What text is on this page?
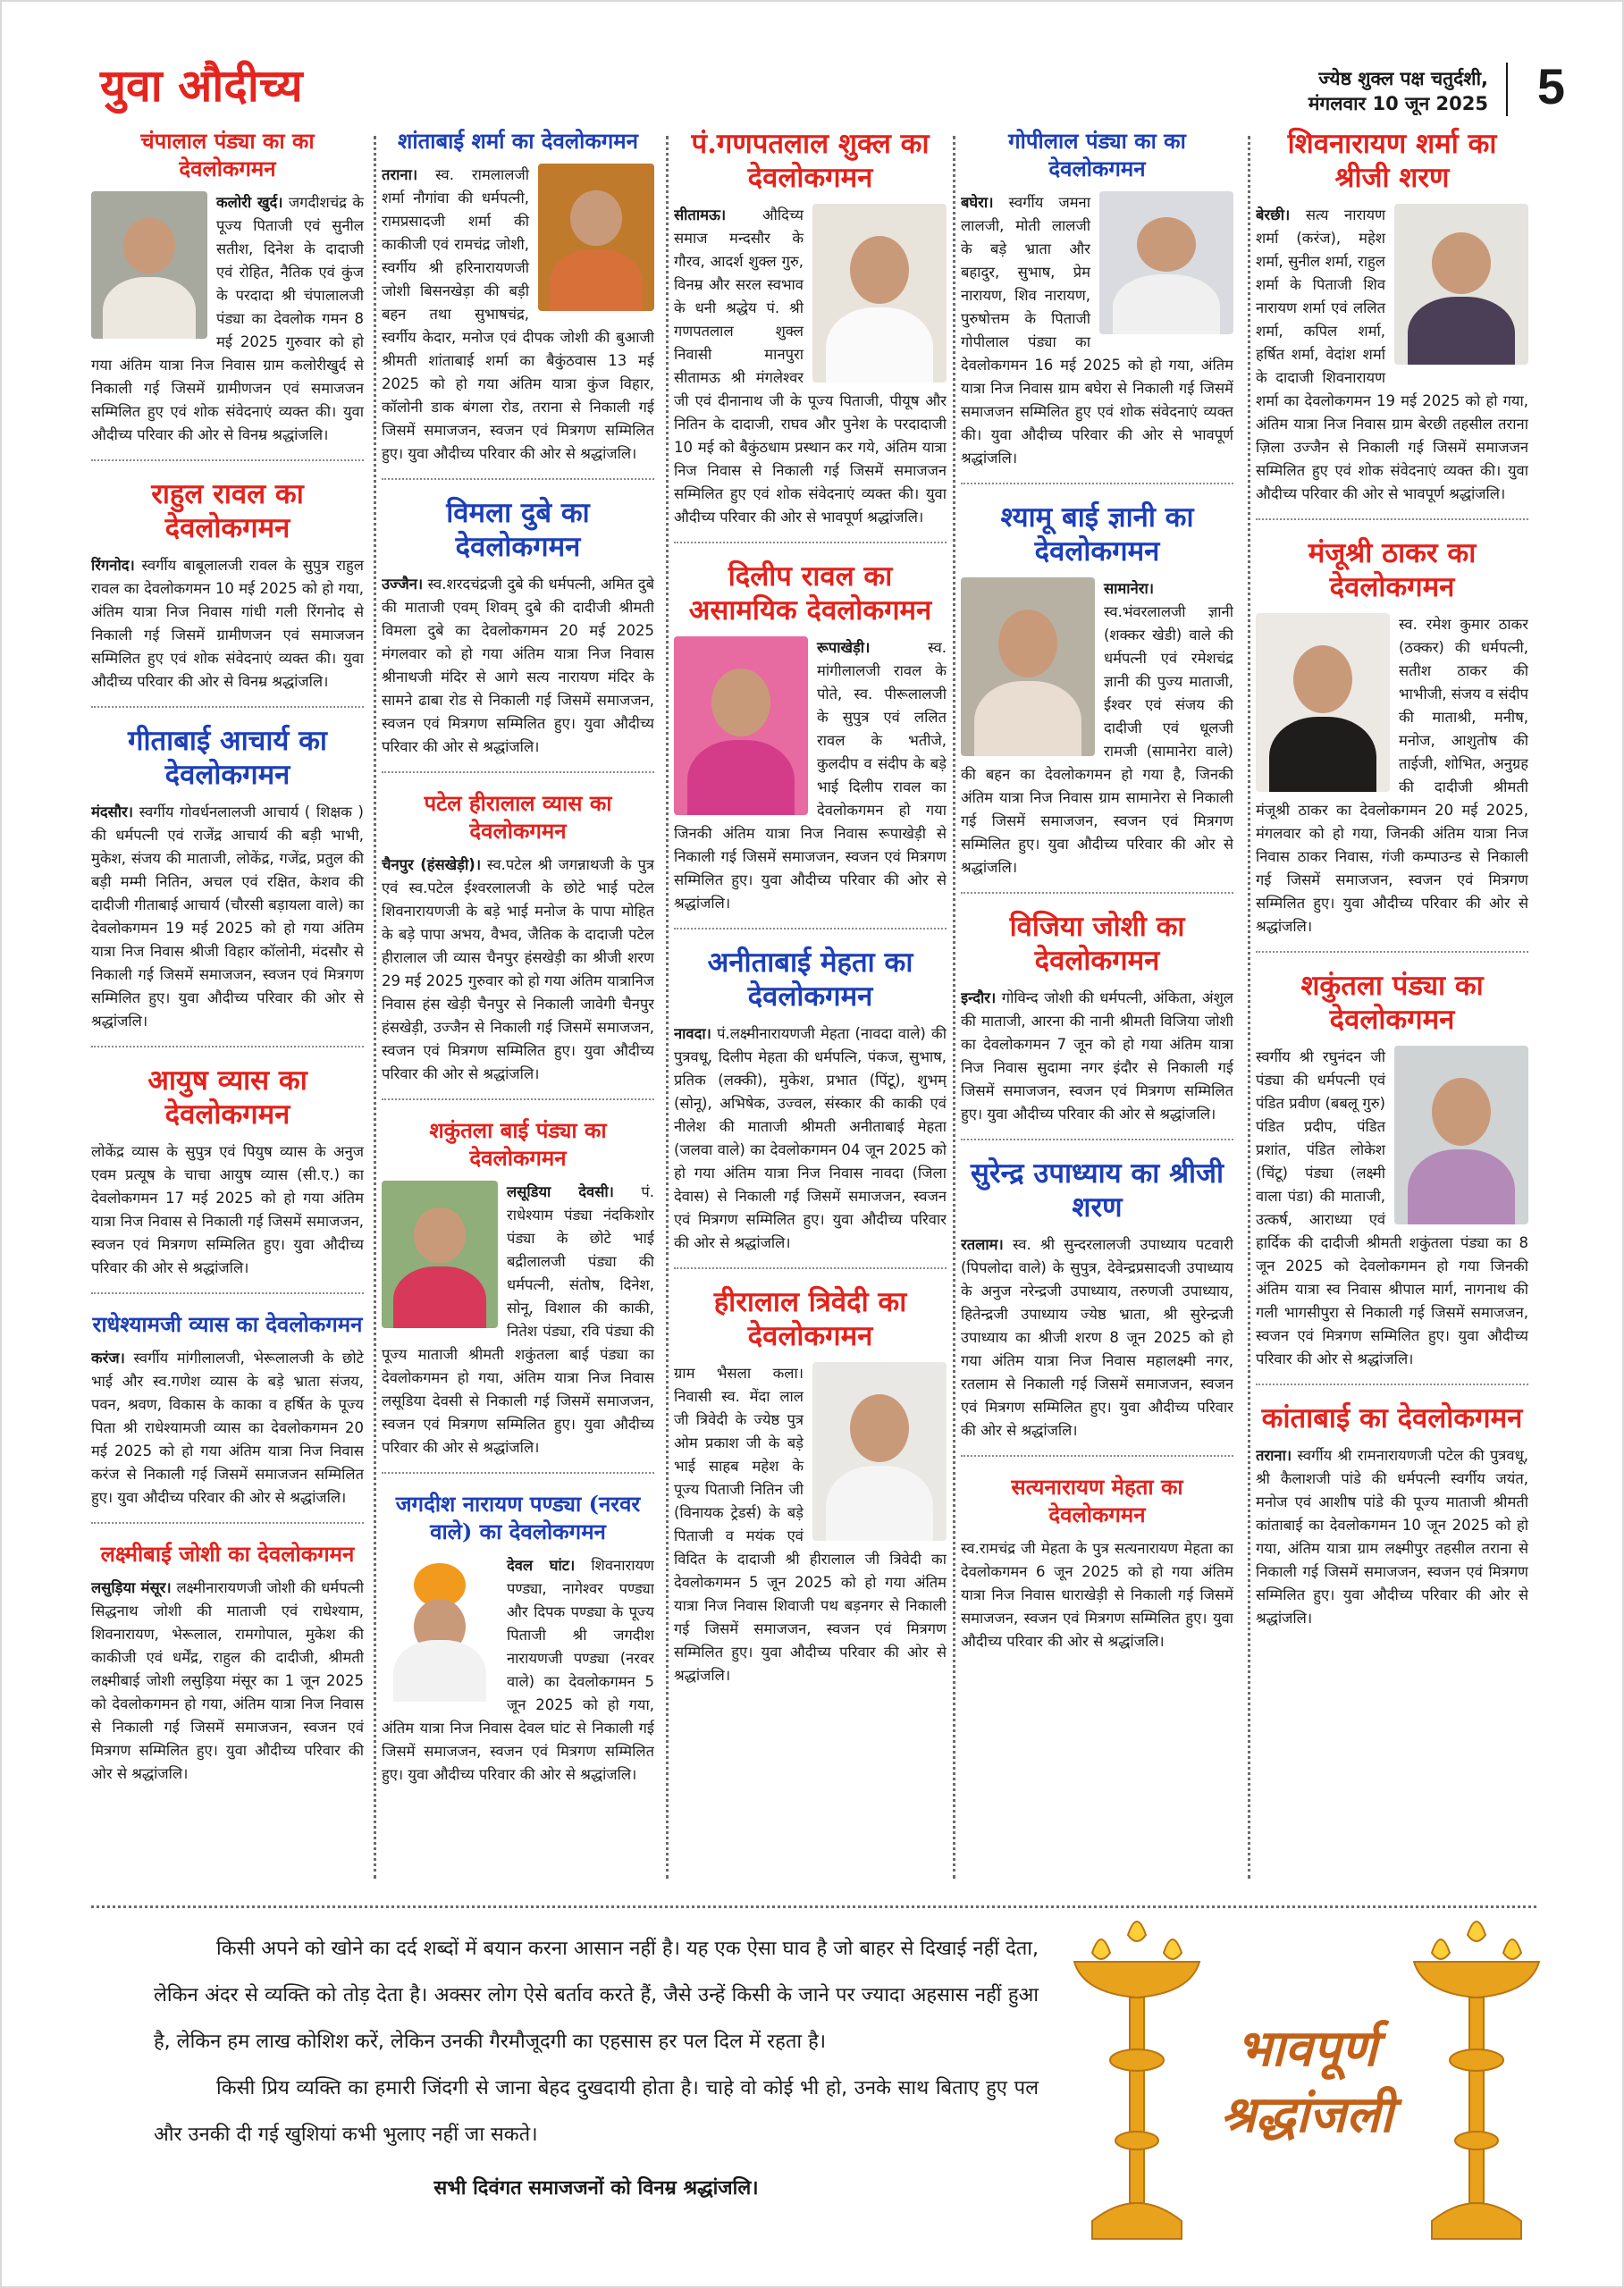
युवा औदीच्य	ज्येष्ठ शुक्ल पक्ष चतुर्दशी,
मंगलवार 10 जून 2025 5
चंपालाल पंड्या का का देवलोकगमन
कलोरी खुर्द। जगदीशचंद्र के पूज्य पिताजी एवं सुनील सतीश, दिनेश के दादाजी एवं रोहित, नैतिक एवं कुंज के परदादा श्री चंपालालजी पंड्या का देवलोक गमन 8 मई 2025 गुरुवार को हो गया अंतिम यात्रा निज निवास ग्राम कलोरीखुर्द से निकाली गई जिसमें ग्रामीणजन एवं समाजजन सम्मिलित हुए एवं शोक संवेदनाएं व्यक्त की। युवा औदीच्य परिवार की ओर से विनम्र श्रद्धांजलि।
राहुल रावल का देवलोकगमन
रिंगनोद। स्वर्गीय बाबूलालजी रावल के सुपुत्र राहुल रावल का देवलोकगमन 10 मई 2025 को हो गया, अंतिम यात्रा निज निवास गांधी गली रिंगनोद से निकाली गई जिसमें ग्रामीणजन एवं समाजजन सम्मिलित हुए एवं शोक संवेदनाएं व्यक्त की। युवा औदीच्य परिवार की ओर से विनम्र श्रद्धांजलि।
गीताबाई आचार्य का देवलोकगमन
मंदसौर। स्वर्गीय गोवर्धनलालजी आचार्य ( शिक्षक ) की धर्मपत्नी एवं राजेंद्र आचार्य की बड़ी भाभी, मुकेश, संजय की माताजी, लोकेंद्र, गजेंद्र, प्रतुल की बड़ी मम्मी नितिन, अचल एवं रक्षित, केशव की दादीजी गीताबाई आचार्य (चौरसी बड़ायला वाले) का देवलोकगमन 19 मई 2025 को हो गया अंतिम यात्रा निज निवास श्रीजी विहार कॉलोनी, मंदसौर से निकाली गई जिसमें समाजजन, स्वजन एवं मित्रगण सम्मिलित हुए। युवा औदीच्य परिवार की ओर से श्रद्धांजलि।
आयुष व्यास का देवलोकगमन
लोकेंद्र व्यास के सुपुत्र एवं पियुष व्यास के अनुज एवम प्रत्यूष के चाचा आयुष व्यास (सी.ए.) का देवलोकगमन 17 मई 2025 को हो गया अंतिम यात्रा निज निवास से निकाली गई जिसमें समाजजन, स्वजन एवं मित्रगण सम्मिलित हुए। युवा औदीच्य परिवार की ओर से श्रद्धांजलि।
राधेश्यामजी व्यास का देवलोकगमन
करंज। स्वर्गीय मांगीलालजी, भेरूलालजी के छोटे भाई और स्व.गणेश व्यास के बड़े भ्राता संजय, पवन, श्रवण, विकास के काका व हर्षित के पूज्य पिता श्री राधेश्यामजी व्यास का देवलोकगमन 20 मई 2025 को हो गया अंतिम यात्रा निज निवास करंज से निकाली गई जिसमें समाजजन सम्मिलित हुए। युवा औदीच्य परिवार की ओर से श्रद्धांजलि।
लक्ष्मीबाई जोशी का देवलोकगमन
लसुड़िया मंसूर। लक्ष्मीनारायणजी जोशी की धर्मपत्नी सिद्धनाथ जोशी की माताजी एवं राधेश्याम, शिवनारायण, भेरूलाल, रामगोपाल, मुकेश की काकीजी एवं धर्मेंद्र, राहुल की दादीजी, श्रीमती लक्ष्मीबाई जोशी लसुड़िया मंसूर का 1 जून 2025 को देवलोकगमन हो गया, अंतिम यात्रा निज निवास से निकाली गई जिसमें समाजजन, स्वजन एवं मित्रगण सम्मिलित हुए। युवा औदीच्य परिवार की ओर से श्रद्धांजलि।
शांताबाई शर्मा का देवलोकगमन
तराना। स्व. रामलालजी शर्मा नौगांवा की धर्मपत्नी, रामप्रसादजी शर्मा की काकीजी एवं रामचंद्र जोशी, स्वर्गीय श्री हरिनारायणजी जोशी बिसनखेड़ा की बड़ी बहन तथा सुभाषचंद्र, स्वर्गीय केदार, मनोज एवं दीपक जोशी की बुआजी श्रीमती शांताबाई शर्मा का बैकुंठवास 13 मई 2025 को हो गया अंतिम यात्रा कुंज विहार, कॉलोनी डाक बंगला रोड, तराना से निकाली गई जिसमें समाजजन, स्वजन एवं मित्रगण सम्मिलित हुए। युवा औदीच्य परिवार की ओर से श्रद्धांजलि।
विमला दुबे का देवलोकगमन
उज्जैन। स्व.शरदचंद्रजी दुबे की धर्मपत्नी, अमित दुबे की माताजी एवम् शिवम् दुबे की दादीजी श्रीमती विमला दुबे का देवलोकगमन 20 मई 2025 मंगलवार को हो गया अंतिम यात्रा निज निवास श्रीनाथजी मंदिर से आगे सत्य नारायण मंदिर के सामने ढाबा रोड से निकाली गई जिसमें समाजजन, स्वजन एवं मित्रगण सम्मिलित हुए। युवा औदीच्य परिवार की ओर से श्रद्धांजलि।
पटेल हीरालाल व्यास का देवलोकगमन
चैनपुर (हंसखेड़ी)। स्व.पटेल श्री जगन्नाथजी के पुत्र एवं स्व.पटेल ईश्वरलालजी के छोटे भाई पटेल शिवनारायणजी के बड़े भाई मनोज के पापा मोहित के बड़े पापा अभय, वैभव, जैतिक के दादाजी पटेल हीरालाल जी व्यास चैनपुर हंसखेड़ी का श्रीजी शरण 29 मई 2025 गुरुवार को हो गया अंतिम यात्रानिज निवास हंस खेड़ी चैनपुर से निकाली जावेगी चैनपुर हंसखेड़ी, उज्जैन से निकाली गई जिसमें समाजजन, स्वजन एवं मित्रगण सम्मिलित हुए। युवा औदीच्य परिवार की ओर से श्रद्धांजलि।
शकुंतला बाई पंड्या का देवलोकगमन
लसूडिया देवसी। पं. राधेश्याम पंड्या नंदकिशोर पंड्या के छोटे भाई बद्रीलालजी पंड्या की धर्मपत्नी, संतोष, दिनेश, सोनू, विशाल की काकी, नितेश पंड्या, रवि पंड्या की पूज्य माताजी श्रीमती शकुंतला बाई पंड्या का देवलोकगमन हो गया, अंतिम यात्रा निज निवास लसूडिया देवसी से निकाली गई जिसमें समाजजन, स्वजन एवं मित्रगण सम्मिलित हुए। युवा औदीच्य परिवार की ओर से श्रद्धांजलि।
जगदीश नारायण पण्ड्या (नरवर वाले) का देवलोकगमन
देवल घांट। शिवनारायण पण्ड्या, नागेश्वर पण्ड्या और दिपक पण्ड्या के पूज्य पिताजी श्री जगदीश नारायणजी पण्ड्या (नरवर वाले) का देवलोकगमन 5 जून 2025 को हो गया, अंतिम यात्रा निज निवास देवल घांट से निकाली गई जिसमें समाजजन, स्वजन एवं मित्रगण सम्मिलित हुए। युवा औदीच्य परिवार की ओर से श्रद्धांजलि।
पं.गणपतलाल शुक्ल का देवलोकगमन
सीतामऊ। औदिच्य समाज मन्दसौर के गौरव, आदर्श शुक्ल गुरु, विनम्र और सरल स्वभाव के धनी श्रद्धेय पं. श्री गणपतलाल शुक्ल निवासी मानपुरा सीतामऊ श्री मंगलेश्वर जी एवं दीनानाथ जी के पूज्य पिताजी, पीयूष और नितिन के दादाजी, राघव और पुनेश के परदादाजी 10 मई को बैकुंठधाम प्रस्थान कर गये, अंतिम यात्रा निज निवास से निकाली गई जिसमें समाजजन सम्मिलित हुए एवं शोक संवेदनाएं व्यक्त की। युवा औदीच्य परिवार की ओर से भावपूर्ण श्रद्धांजलि।
दिलीप रावल का असामयिक देवलोकगमन
रूपाखेड़ी। स्व. मांगीलालजी रावल के पोते, स्व. पीरूलालजी के सुपुत्र एवं ललित रावल के भतीजे, कुलदीप व संदीप के बड़े भाई दिलीप रावल का देवलोकगमन हो गया जिनकी अंतिम यात्रा निज निवास रूपाखेड़ी से निकाली गई जिसमें समाजजन, स्वजन एवं मित्रगण सम्मिलित हुए। युवा औदीच्य परिवार की ओर से श्रद्धांजलि।
अनीताबाई मेहता का देवलोकगमन
नावदा। पं.लक्ष्मीनारायणजी मेहता (नावदा वाले) की पुत्रवधू, दिलीप मेहता की धर्मपत्नि, पंकज, सुभाष, प्रतिक (लक्की), मुकेश, प्रभात (पिंटू), शुभम् (सोनू), अभिषेक, उज्वल, संस्कार की काकी एवं नीलेश की माताजी श्रीमती अनीताबाई मेहता (जलवा वाले) का देवलोकगमन 04 जून 2025 को हो गया अंतिम यात्रा निज निवास नावदा (जिला देवास) से निकाली गई जिसमें समाजजन, स्वजन एवं मित्रगण सम्मिलित हुए। युवा औदीच्य परिवार की ओर से श्रद्धांजलि।
हीरालाल त्रिवेदी का देवलोकगमन
ग्राम भैसला कला। निवासी स्व. मेंदा लाल जी त्रिवेदी के ज्येष्ठ पुत्र ओम प्रकाश जी के बड़े भाई साहब महेश के पूज्य पिताजी नितिन जी (विनायक ट्रेडर्स) के बड़े पिताजी व मयंक एवं विदित के दादाजी श्री हीरालाल जी त्रिवेदी का देवलोकगमन 5 जून 2025 को हो गया अंतिम यात्रा निज निवास शिवाजी पथ बड़नगर से निकाली गई जिसमें समाजजन, स्वजन एवं मित्रगण सम्मिलित हुए। युवा औदीच्य परिवार की ओर से श्रद्धांजलि।
गोपीलाल पंड्या का का देवलोकगमन
बघेरा। स्वर्गीय जमना लालजी, मोती लालजी के बड़े भ्राता और बहादुर, सुभाष, प्रेम नारायण, शिव नारायण, पुरुषोत्तम के पिताजी गोपीलाल पंड्या का देवलोकगमन 16 मई 2025 को हो गया, अंतिम यात्रा निज निवास ग्राम बघेरा से निकाली गई जिसमें समाजजन सम्मिलित हुए एवं शोक संवेदनाएं व्यक्त की। युवा औदीच्य परिवार की ओर से भावपूर्ण श्रद्धांजलि।
श्यामू बाई ज्ञानी का देवलोकगमन
सामानेरा। स्व.भंवरलालजी ज्ञानी (शक्कर खेडी) वाले की धर्मपत्नी एवं रमेशचंद्र ज्ञानी की पुज्य माताजी, ईश्वर एवं संजय की दादीजी एवं धूलजी रामजी (सामानेरा वाले) की बहन का देवलोकगमन हो गया है, जिनकी अंतिम यात्रा निज निवास ग्राम सामानेरा से निकाली गई जिसमें समाजजन, स्वजन एवं मित्रगण सम्मिलित हुए। युवा औदीच्य परिवार की ओर से श्रद्धांजलि।
विजिया जोशी का देवलोकगमन
इन्दौर। गोविन्द जोशी की धर्मपत्नी, अंकिता, अंशुल की माताजी, आरना की नानी श्रीमती विजिया जोशी का देवलोकगमन 7 जून को हो गया अंतिम यात्रा निज निवास सुदामा नगर इंदौर से निकाली गई जिसमें समाजजन, स्वजन एवं मित्रगण सम्मिलित हुए। युवा औदीच्य परिवार की ओर से श्रद्धांजलि।
सुरेन्द्र उपाध्याय का श्रीजी शरण
रतलाम। स्व. श्री सुन्दरलालजी उपाध्याय पटवारी (पिपलोदा वाले) के सुपुत्र, देवेन्द्रप्रसादजी उपाध्याय के अनुज नरेन्द्रजी उपाध्याय, तरुणजी उपाध्याय, हितेन्द्रजी उपाध्याय ज्येष्ठ भ्राता, श्री सुरेन्द्रजी उपाध्याय का श्रीजी शरण 8 जून 2025 को हो गया अंतिम यात्रा निज निवास महालक्ष्मी नगर, रतलाम से निकाली गई जिसमें समाजजन, स्वजन एवं मित्रगण सम्मिलित हुए। युवा औदीच्य परिवार की ओर से श्रद्धांजलि।
सत्यनारायण मेहता का देवलोकगमन
स्व.रामचंद्र जी मेहता के पुत्र सत्यनारायण मेहता का देवलोकगमन 6 जून 2025 को हो गया अंतिम यात्रा निज निवास धाराखेड़ी से निकाली गई जिसमें समाजजन, स्वजन एवं मित्रगण सम्मिलित हुए। युवा औदीच्य परिवार की ओर से श्रद्धांजलि।
शिवनारायण शर्मा का श्रीजी शरण
बेरछी। सत्य नारायण शर्मा (करंज), महेश शर्मा, सुनील शर्मा, राहुल शर्मा के पिताजी शिव नारायण शर्मा एवं ललित शर्मा, कपिल शर्मा, हर्षित शर्मा, वेदांश शर्मा के दादाजी शिवनारायण शर्मा का देवलोकगमन 19 मई 2025 को हो गया, अंतिम यात्रा निज निवास ग्राम बेरछी तहसील तराना ज़िला उज्जैन से निकाली गई जिसमें समाजजन सम्मिलित हुए एवं शोक संवेदनाएं व्यक्त की। युवा औदीच्य परिवार की ओर से भावपूर्ण श्रद्धांजलि।
मंजूश्री ठाकर का देवलोकगमन
स्व. रमेश कुमार ठाकर (ठक्कर) की धर्मपत्नी, सतीश ठाकर की भाभीजी, संजय व संदीप की माताश्री, मनीष, मनोज, आशुतोष की ताईजी, शोभित, अनुग्रह की दादीजी श्रीमती मंजूश्री ठाकर का देवलोकगमन 20 मई 2025, मंगलवार को हो गया, जिनकी अंतिम यात्रा निज निवास ठाकर निवास, गंजी कम्पाउन्ड से निकाली गई जिसमें समाजजन, स्वजन एवं मित्रगण सम्मिलित हुए। युवा औदीच्य परिवार की ओर से श्रद्धांजलि।
शकुंतला पंड्या का देवलोकगमन
स्वर्गीय श्री रघुनंदन जी पंड्या की धर्मपत्नी एवं पंडित प्रवीण (बबलू गुरु) पंडित प्रदीप, पंडित प्रशांत, पंडित लोकेश (चिंटू) पंड्या (लक्ष्मी वाला पंडा) की माताजी, उत्कर्ष, आराध्या एवं हार्दिक की दादीजी श्रीमती शकुंतला पंड्या का 8 जून 2025 को देवलोकगमन हो गया जिनकी अंतिम यात्रा स्व निवास श्रीपाल मार्ग, नागनाथ की गली भागसीपुरा से निकाली गई जिसमें समाजजन, स्वजन एवं मित्रगण सम्मिलित हुए। युवा औदीच्य परिवार की ओर से श्रद्धांजलि।
कांताबाई का देवलोकगमन
तराना। स्वर्गीय श्री रामनारायणजी पटेल की पुत्रवधू, श्री कैलाशजी पांडे की धर्मपत्नी स्वर्गीय जयंत, मनोज एवं आशीष पांडे की पूज्य माताजी श्रीमती कांताबाई का देवलोकगमन 10 जून 2025 को हो गया, अंतिम यात्रा ग्राम लक्ष्मीपुर तहसील तराना से निकाली गई जिसमें समाजजन, स्वजन एवं मित्रगण सम्मिलित हुए। युवा औदीच्य परिवार की ओर से श्रद्धांजलि।

किसी अपने को खोने का दर्द शब्दों में बयान करना आसान नहीं है। यह एक ऐसा घाव है जो बाहर से दिखाई नहीं देता, लेकिन अंदर से व्यक्ति को तोड़ देता है। अक्सर लोग ऐसे बर्ताव करते हैं, जैसे उन्हें किसी के जाने पर ज्यादा अहसास नहीं हुआ है, लेकिन हम लाख कोशिश करें, लेकिन उनकी गैरमौजूदगी का एहसास हर पल दिल में रहता है।

किसी प्रिय व्यक्ति का हमारी जिंदगी से जाना बेहद दुखदायी होता है। चाहे वो कोई भी हो, उनके साथ बिताए हुए पल और उनकी दी गई खुशियां कभी भुलाए नहीं जा सकते।

सभी दिवंगत समाजजनों को विनम्र श्रद्धांजलि।
भावपूर्ण
श्रद्धांजली
